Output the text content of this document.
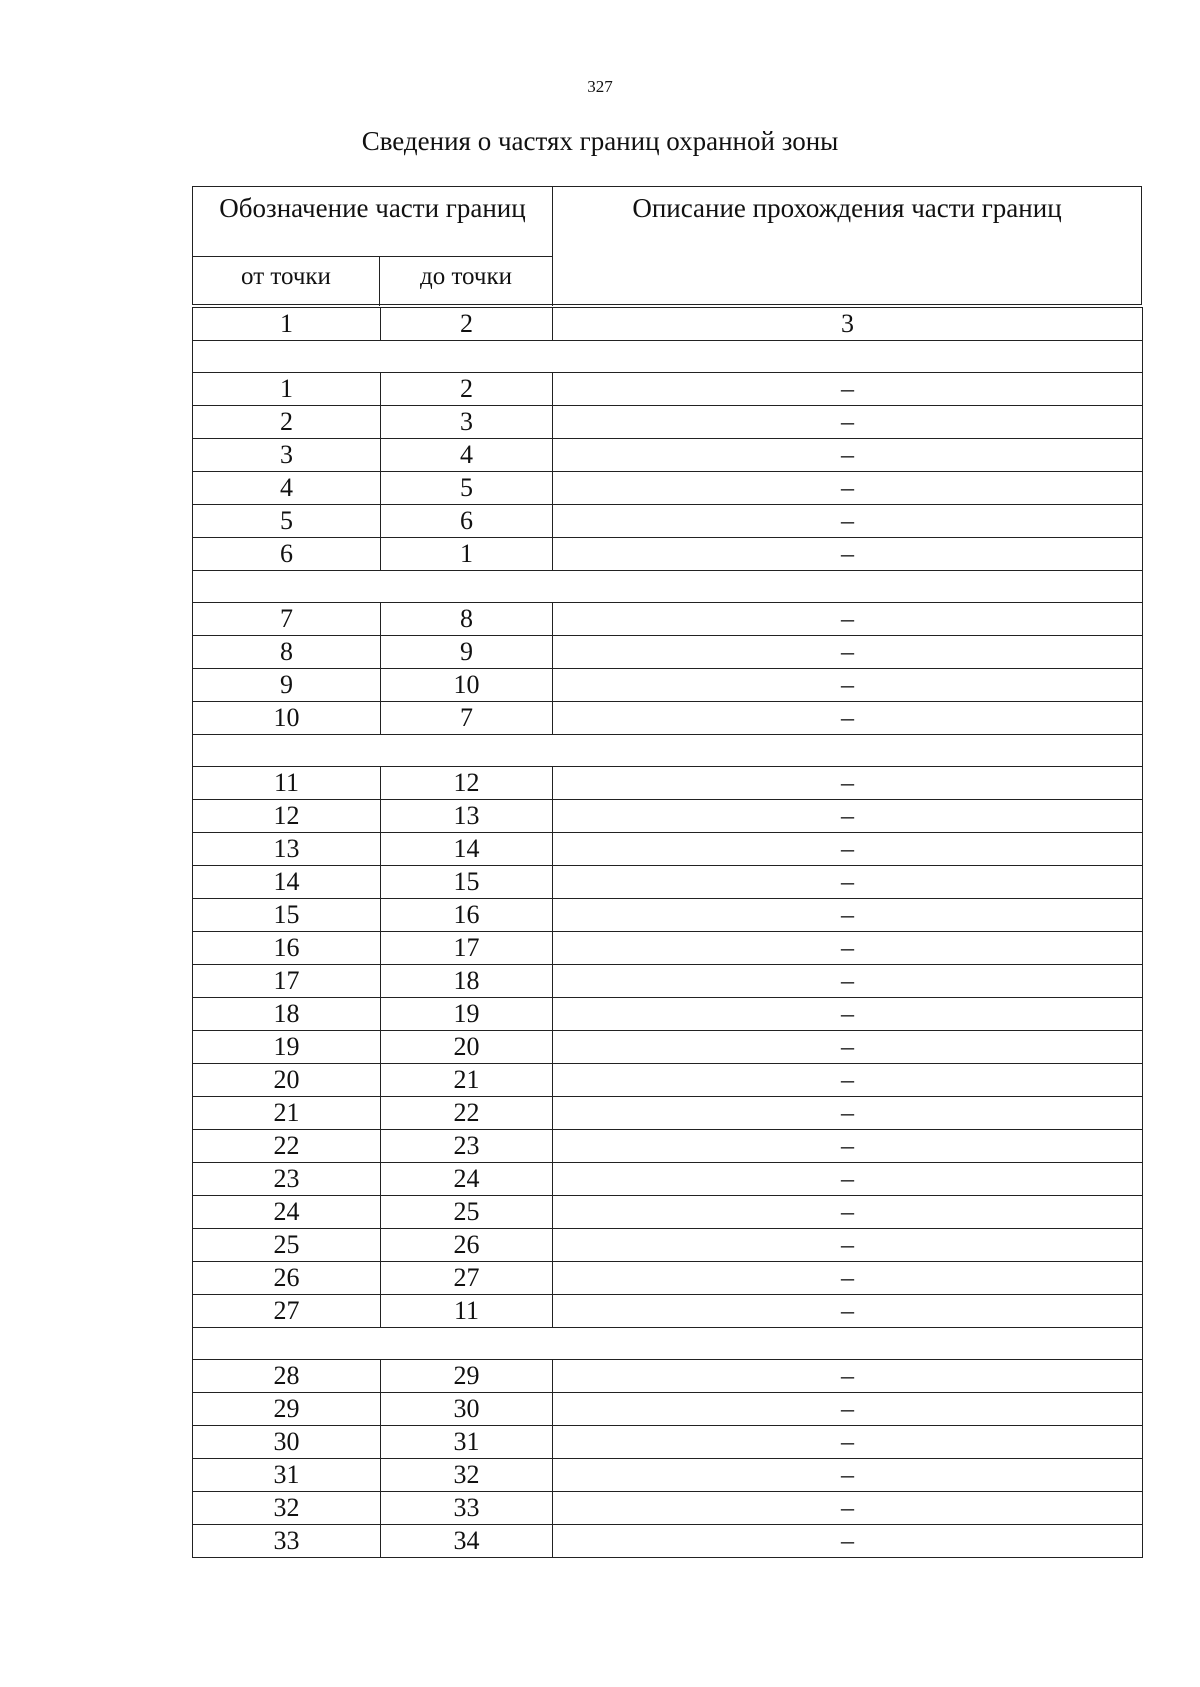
327
Сведения о частях границ охранной зоны
Обозначение части границ
от точки	до точки
Описание прохождения части границ
1	2	3

1	2	–
2	3	–
3	4	–
4	5	–
5	6	–
6	1	–

7	8	–
8	9	–
9	10	–
10	7	–

11	12	–
12	13	–
13	14	–
14	15	–
15	16	–
16	17	–
17	18	–
18	19	–
19	20	–
20	21	–
21	22	–
22	23	–
23	24	–
24	25	–
25	26	–
26	27	–
27	11	–

28	29	–
29	30	–
30	31	–
31	32	–
32	33	–
33	34	–
